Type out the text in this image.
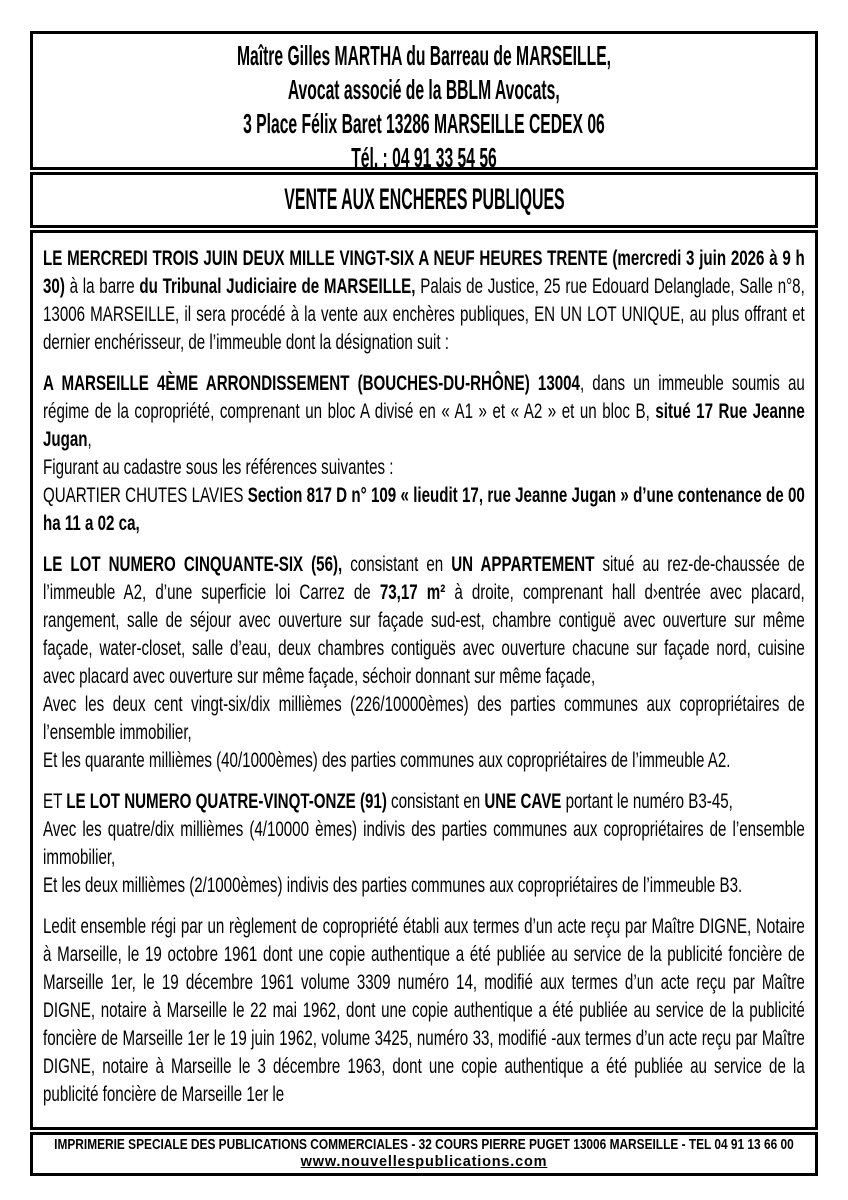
Maître Gilles MARTHA du Barreau de MARSEILLE,
Avocat associé de la BBLM Avocats,
3 Place Félix Baret 13286 MARSEILLE CEDEX 06
Tél. : 04 91 33 54 56
VENTE AUX ENCHERES PUBLIQUES

LE MERCREDI TROIS JUIN DEUX MILLE VINGT-SIX A NEUF HEURES TRENTE (mercredi 3 juin 2026 à 9 h 30) à la barre du Tribunal Judiciaire de MARSEILLE, Palais de Justice, 25 rue Edouard Delanglade, Salle n°8, 13006 MARSEILLE, il sera procédé à la vente aux enchères publiques, EN UN LOT UNIQUE, au plus offrant et dernier enchérisseur, de l’immeuble dont la désignation suit :

A MARSEILLE 4ÈME ARRONDISSEMENT (BOUCHES-DU-RHÔNE) 13004, dans un immeuble soumis au régime de la copropriété, comprenant un bloc A divisé en « A1 » et « A2 » et un bloc B, situé 17 Rue Jeanne Jugan,
Figurant au cadastre sous les références suivantes :
QUARTIER CHUTES LAVIES Section 817 D n° 109 « lieudit 17, rue Jeanne Jugan » d’une contenance de 00 ha 11 a 02 ca,

LE LOT NUMERO CINQUANTE-SIX (56), consistant en UN APPARTEMENT situé au rez-de-chaussée de l’immeuble A2, d’une superficie loi Carrez de 73,17 m² à droite, comprenant hall d›entrée avec placard, rangement, salle de séjour avec ouverture sur façade sud-est, chambre contiguë avec ouverture sur même façade, water-closet, salle d’eau, deux chambres contiguës avec ouverture chacune sur façade nord, cuisine avec placard avec ouverture sur même façade, séchoir donnant sur même façade,
Avec les deux cent vingt-six/dix millièmes (226/10000èmes) des parties communes aux copropriétaires de l’ensemble immobilier,
Et les quarante millièmes (40/1000èmes) des parties communes aux copropriétaires de l’immeuble A2.

ET LE LOT NUMERO QUATRE-VINQT-ONZE (91) consistant en UNE CAVE portant le numéro B3-45,
Avec les quatre/dix millièmes (4/10000 èmes) indivis des parties communes aux copropriétaires de l’ensemble immobilier,
Et les deux millièmes (2/1000èmes) indivis des parties communes aux copropriétaires de l’immeuble B3.

Ledit ensemble régi par un règlement de copropriété établi aux termes d’un acte reçu par Maître DIGNE, Notaire à Marseille, le 19 octobre 1961 dont une copie authentique a été publiée au service de la publicité foncière de Marseille 1er, le 19 décembre 1961 volume 3309 numéro 14, modifié aux termes d’un acte reçu par Maître DIGNE, notaire à Marseille le 22 mai 1962, dont une copie authentique a été publiée au service de la publicité foncière de Marseille 1er le 19 juin 1962, volume 3425, numéro 33, modifié -aux termes d’un acte reçu par Maître DIGNE, notaire à Marseille le 3 décembre 1963, dont une copie authentique a été publiée au service de la publicité foncière de Marseille 1er le

IMPRIMERIE SPECIALE DES PUBLICATIONS COMMERCIALES - 32 COURS PIERRE PUGET 13006 MARSEILLE - TEL 04 91 13 66 00
www.nouvellespublications.com
